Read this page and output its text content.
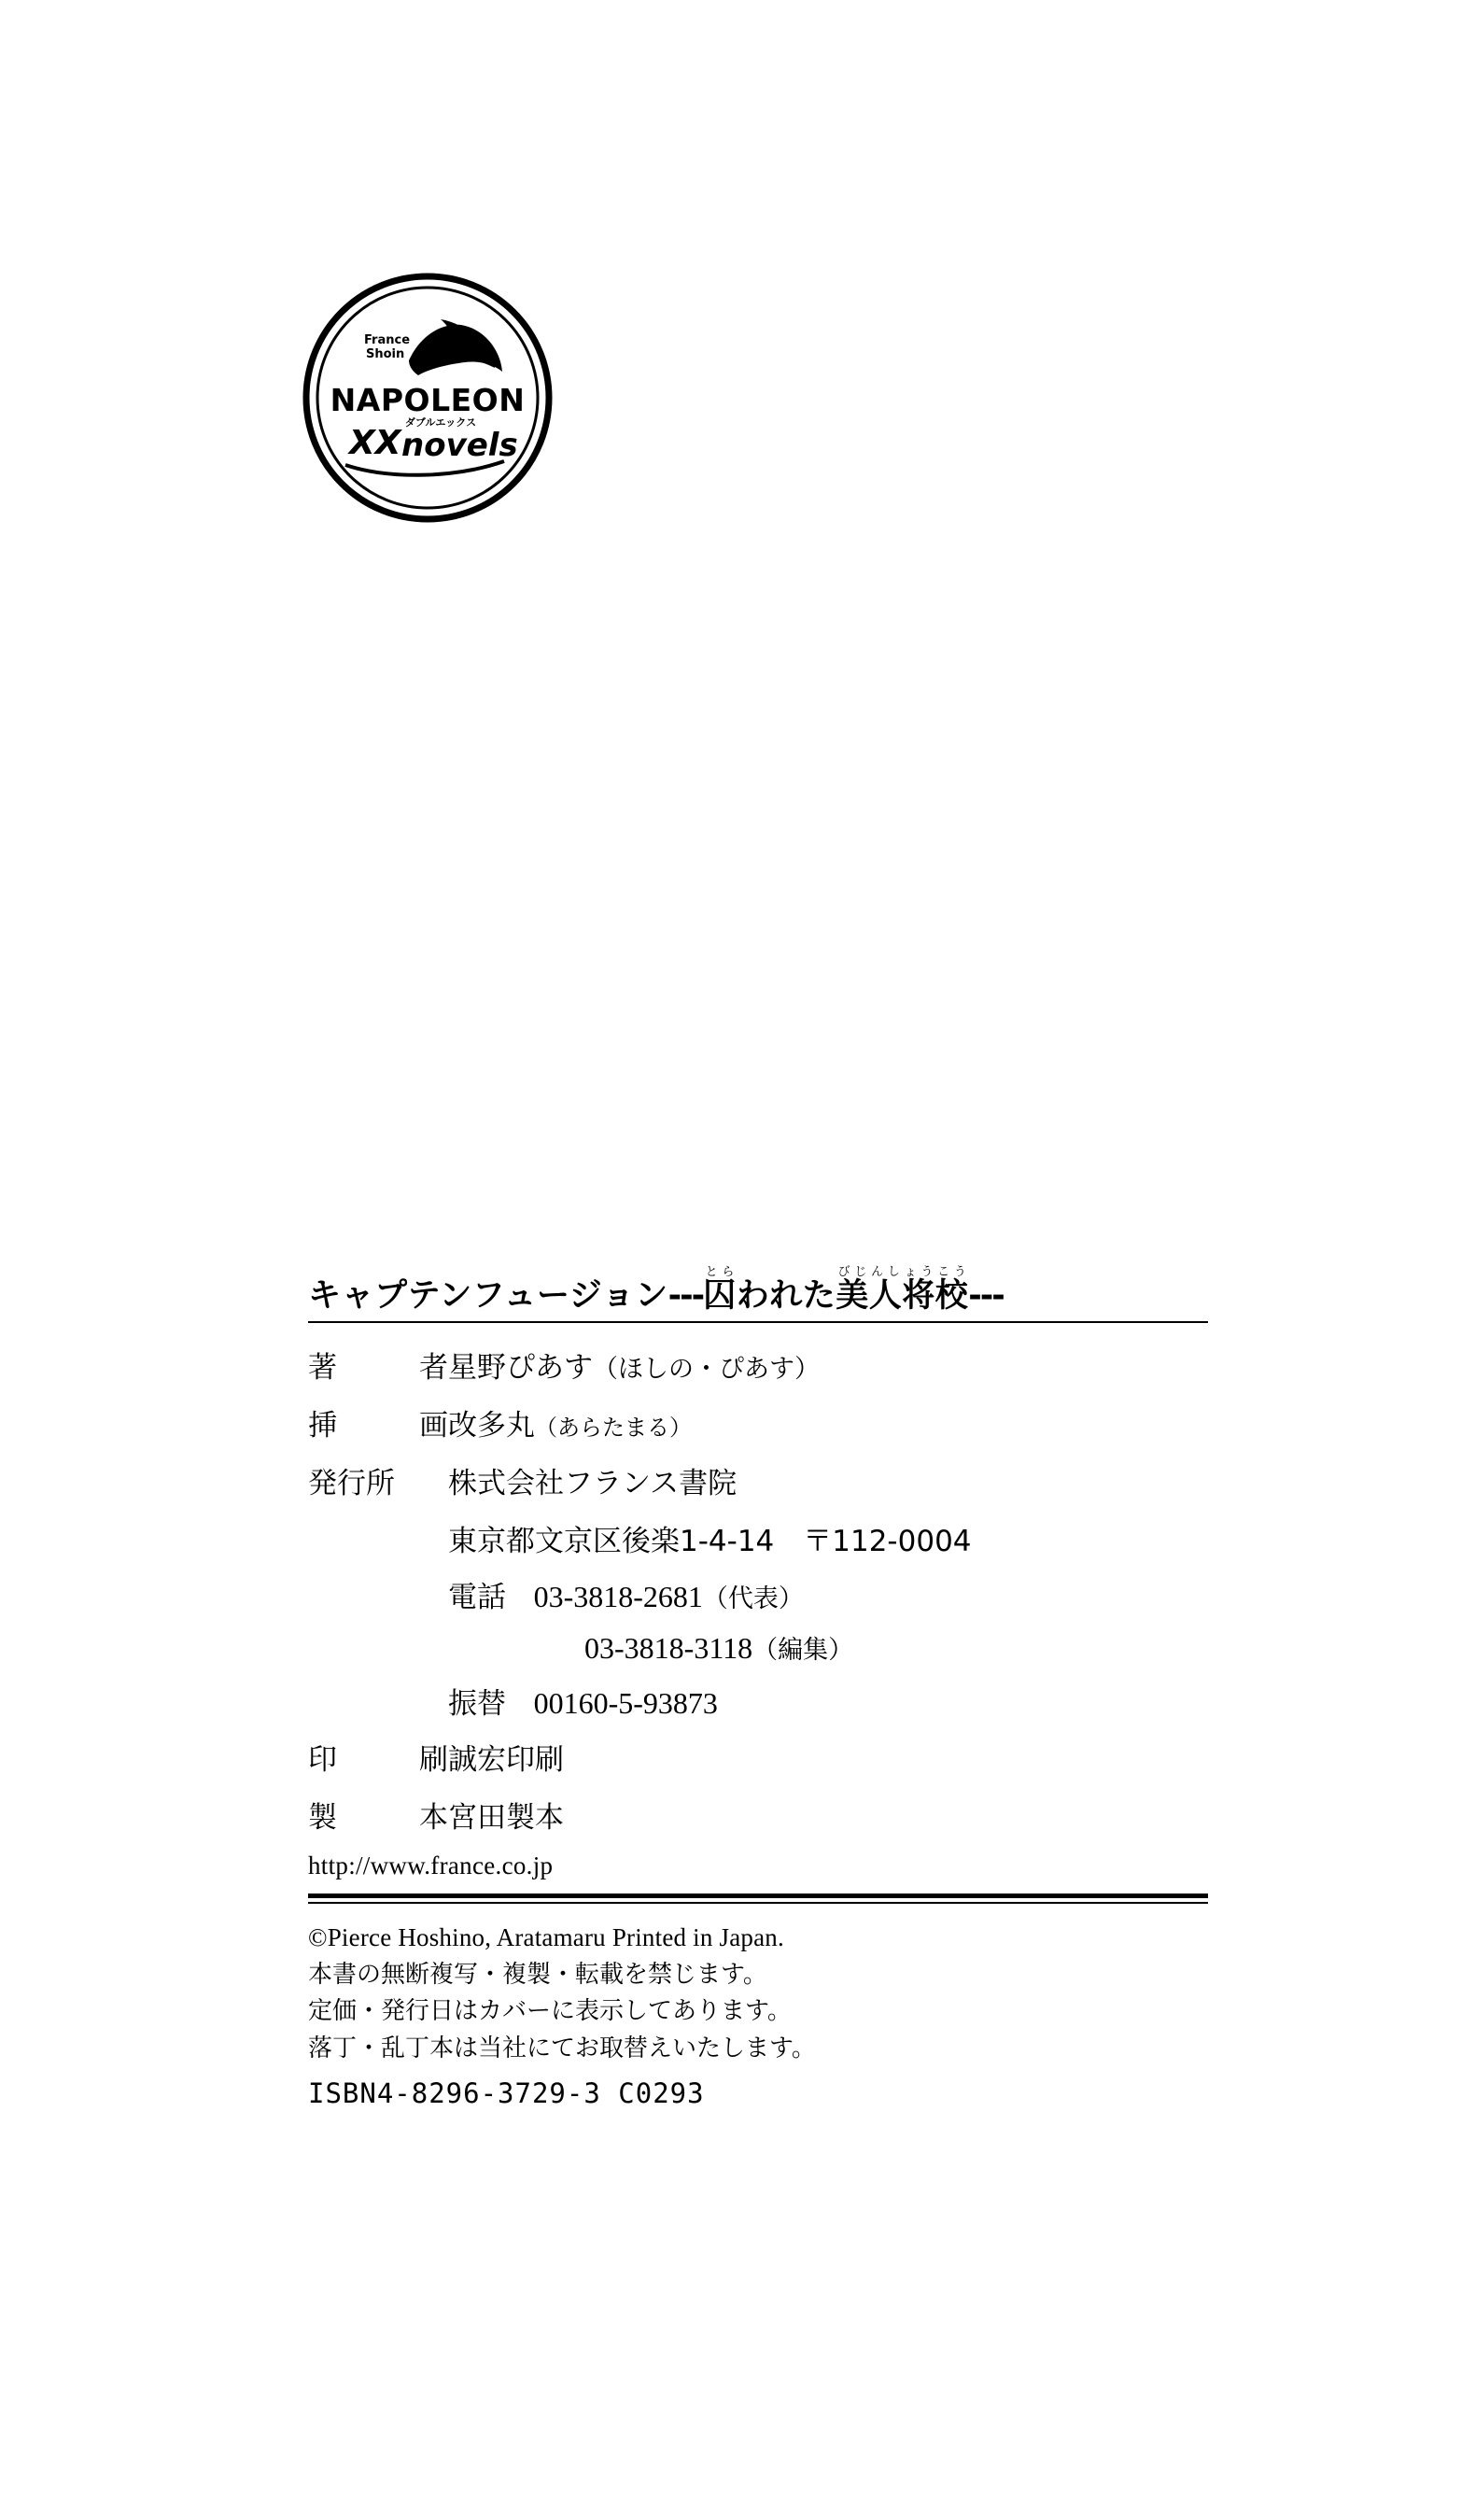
France
Shoin
NAPOLEON
ダブルエックス
XX novels
キャプテンフュージョン --- 囚とら
われた 美人将校びじんしょうこう
---
著	者 星野ぴあす（ほしの・ぴあす）
挿	画 改多丸（あらたまる）
発行所 株式会社フランス書院
東京都文京区後楽1-4-14　〒112-0004
電話 03-3818-2681（代表）
03-3818-3118（編集）
振替 00160-5-93873
印	刷 誠宏印刷
製	本 宮田製本
http://www.france.co.jp
©Pierce Hoshino, Aratamaru Printed in Japan.
本書の無断複写・複製・転載を禁じます。
定価・発行日はカバーに表示してあります。
落丁・乱丁本は当社にてお取替えいたします。
ISBN4-8296-3729-3 C0293
